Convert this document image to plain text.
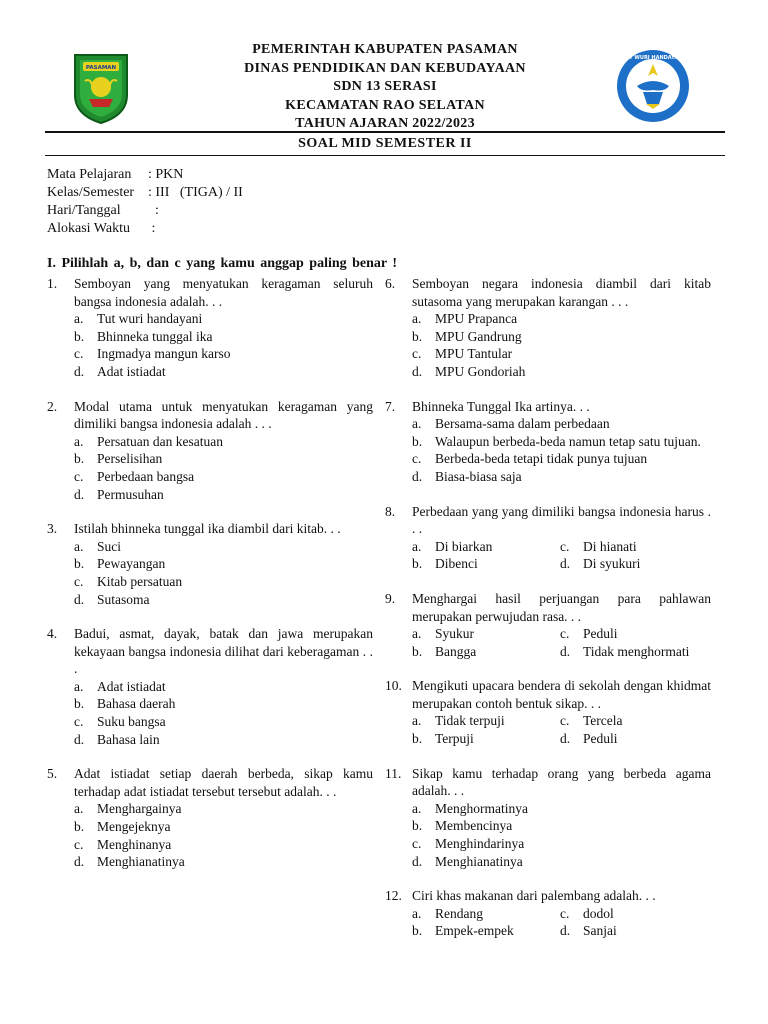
PASAMAN
PEMERINTAH KABUPATEN PASAMAN
DINAS PENDIDIKAN DAN KEBUDAYAAN
SDN 13 SERASI
KECAMATAN RAO SELATAN
TAHUN AJARAN 2022/2023
TUT WURI HANDAYANI
SOAL MID SEMESTER II
Mata Pelajaran	: PKN
Kelas/Semester : III   (TIGA) / II
Hari/Tanggal	:
Alokasi Waktu	:
I. Pilihlah a, b, dan c yang kamu anggap paling benar !
1.	Semboyan yang menyatukan keragaman seluruh bangsa indonesia adalah. . .
a.	Tut wuri handayani
b. Bhinneka tunggal ika
c.	Ingmadya mangun karso
d. Adat istiadat
2.	Modal utama untuk menyatukan keragaman yang dimiliki bangsa indonesia adalah . . .
a.	Persatuan dan kesatuan
b. Perselisihan
c.	Perbedaan bangsa
d. Permusuhan
3.	Istilah bhinneka tunggal ika diambil dari kitab. . .
a.	Suci
b. Pewayangan
c.	Kitab persatuan
d. Sutasoma
4.	Badui, asmat, dayak, batak dan jawa merupakan kekayaan bangsa indonesia dilihat dari keberagaman . . .
a.	Adat istiadat
b. Bahasa daerah
c.	Suku bangsa
d. Bahasa lain
5.	Adat istiadat setiap daerah berbeda, sikap kamu terhadap adat istiadat tersebut tersebut adalah. . .
a.	Menghargainya
b. Mengejeknya
c.	Menghinanya
d. Menghianatinya
6.	Semboyan negara indonesia diambil dari kitab sutasoma yang merupakan karangan . . .
a.	MPU Prapanca
b. MPU Gandrung
c.	MPU Tantular
d. MPU Gondoriah
7.	Bhinneka Tunggal Ika artinya. . .
a.	Bersama-sama dalam perbedaan
b. Walaupun berbeda-beda namun tetap satu tujuan.
c.	Berbeda-beda tetapi tidak punya tujuan
d. Biasa-biasa saja
8.	Perbedaan yang yang dimiliki bangsa indonesia harus . . .
a.	Di biarkan	c.	Di hianati
b. Dibenci	d. Di syukuri
9.	Menghargai hasil perjuangan para pahlawan merupakan perwujudan rasa. . .
a.	Syukur	c.	Peduli
b. Bangga	d. Tidak menghormati
10. Mengikuti upacara bendera di sekolah dengan khidmat merupakan contoh bentuk sikap. . .
a.	Tidak terpuji	c.	Tercela
b. Terpuji	d. Peduli
11. Sikap kamu terhadap orang yang berbeda agama adalah. . .
a.	Menghormatinya
b. Membencinya
c.	Menghindarinya
d. Menghianatinya
12. Ciri khas makanan dari palembang adalah. . .
a.	Rendang	c.	dodol
b. Empek-empek	d. Sanjai
